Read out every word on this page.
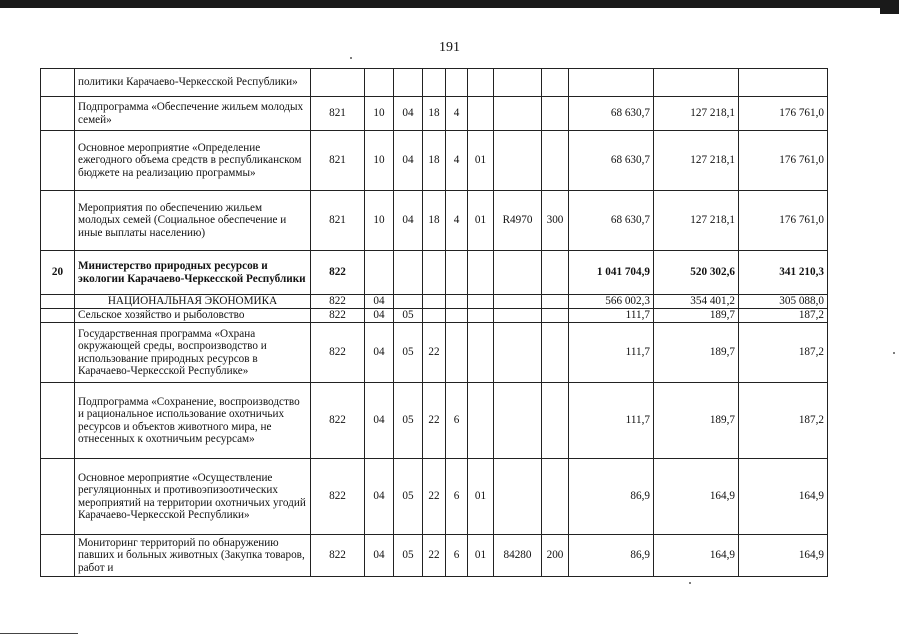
191
	политики Карачаево-Черкесской Республики»											
	Подпрограмма «Обеспечение жильем молодых семей»	821	10	04	18	4				68 630,7	127 218,1	176 761,0
	Основное мероприятие «Определение ежегодного объема средств в республиканском бюджете на реализацию программы»	821	10	04	18	4	01			68 630,7	127 218,1	176 761,0
	Мероприятия по обеспечению жильем молодых семей (Социальное обеспечение и иные выплаты населению)	821	10	04	18	4	01	R4970	300	68 630,7	127 218,1	176 761,0
20	Министерство природных ресурсов и экологии Карачаево-Черкесской Республики	822								1 041 704,9	520 302,6	341 210,3
	НАЦИОНАЛЬНАЯ ЭКОНОМИКА	822	04							566 002,3	354 401,2	305 088,0
	Сельское хозяйство и рыболовство	822	04	05						111,7	189,7	187,2
	Государственная программа «Охрана окружающей среды, воспроизводство и использование природных ресурсов в Карачаево-Черкесской Республике»	822	04	05	22					111,7	189,7	187,2
	Подпрограмма «Сохранение, воспроизводство и рациональное использование охотничьих ресурсов и объектов животного мира, не отнесенных к охотничьим ресурсам»	822	04	05	22	6				111,7	189,7	187,2
	Основное мероприятие «Осуществление регуляционных и противоэпизоотических мероприятий на территории охотничьих угодий Карачаево-Черкесской Республики»	822	04	05	22	6	01			86,9	164,9	164,9
	Мониторинг территорий по обнаружению павших и больных животных (Закупка товаров, работ и	822	04	05	22	6	01	84280	200	86,9	164,9	164,9
